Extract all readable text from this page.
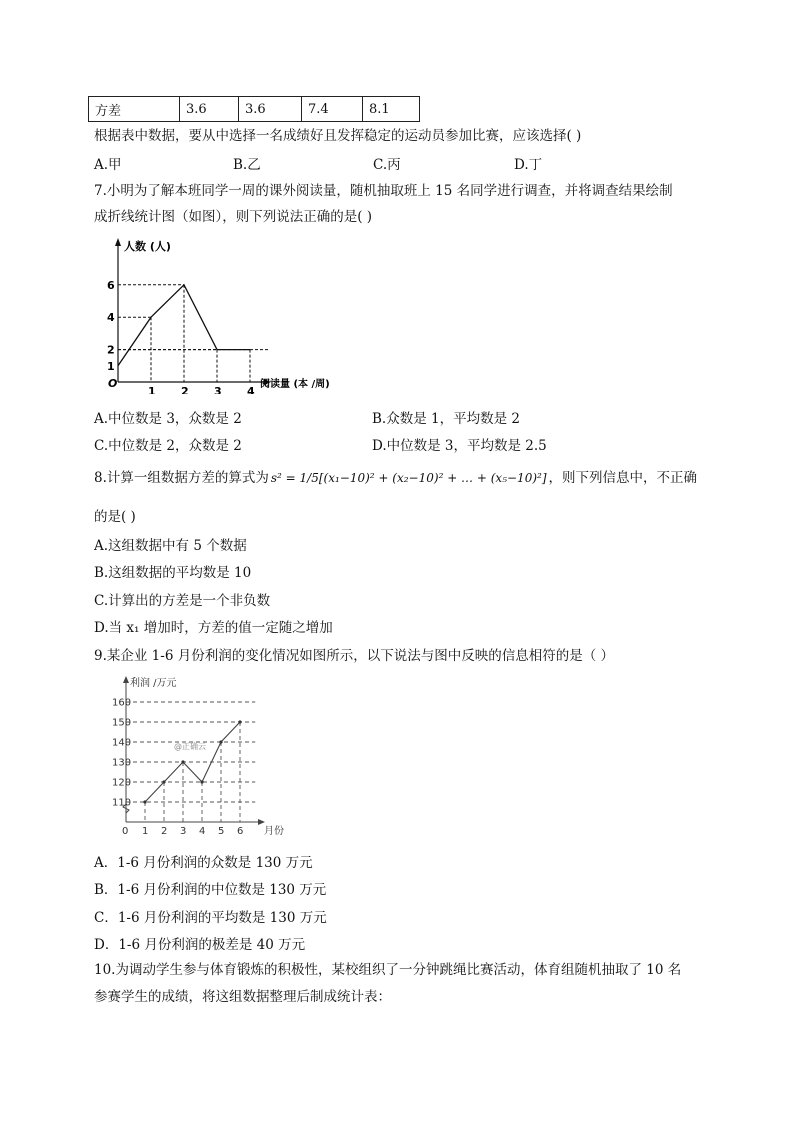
方差	3.6	3.6	7.4	8.1
根据表中数据，要从中选择一名成绩好且发挥稳定的运动员参加比赛，应该选择( )
A.甲	B.乙	C.丙	D.丁
7.小明为了解本班同学一周的课外阅读量，随机抽取班上 15 名同学进行调查，并将调查结果绘制
成折线统计图（如图），则下列说法正确的是( )
人数 (人)
阅读量 (本 /周)
O
1 2 3 4
1
2
4
6
A.中位数是 3，众数是 2	B.众数是 1，平均数是 2
C.中位数是 2，众数是 2	D.中位数是 3，平均数是 2.5
8.计算一组数据方差的算式为 s² = 1/5[(x₁−10)² + (x₂−10)² + … + (x₅−10)²] ，则下列信息中，不正确
的是( )
A.这组数据中有 5 个数据
B.这组数据的平均数是 10
C.计算出的方差是一个非负数
D.当 x₁ 增加时，方差的值一定随之增加
9.某企业 1-6 月份利润的变化情况如图所示，以下说法与图中反映的信息相符的是（ ）
利润 /万元
月份
0
@正确云
1 2 3 4 5 6
110
120
130
140
150
160
A．1-6 月份利润的众数是 130 万元
B．1-6 月份利润的中位数是 130 万元
C．1-6 月份利润的平均数是 130 万元
D．1-6 月份利润的极差是 40 万元
10.为调动学生参与体育锻炼的积极性，某校组织了一分钟跳绳比赛活动，体育组随机抽取了 10 名
参赛学生的成绩，将这组数据整理后制成统计表：
